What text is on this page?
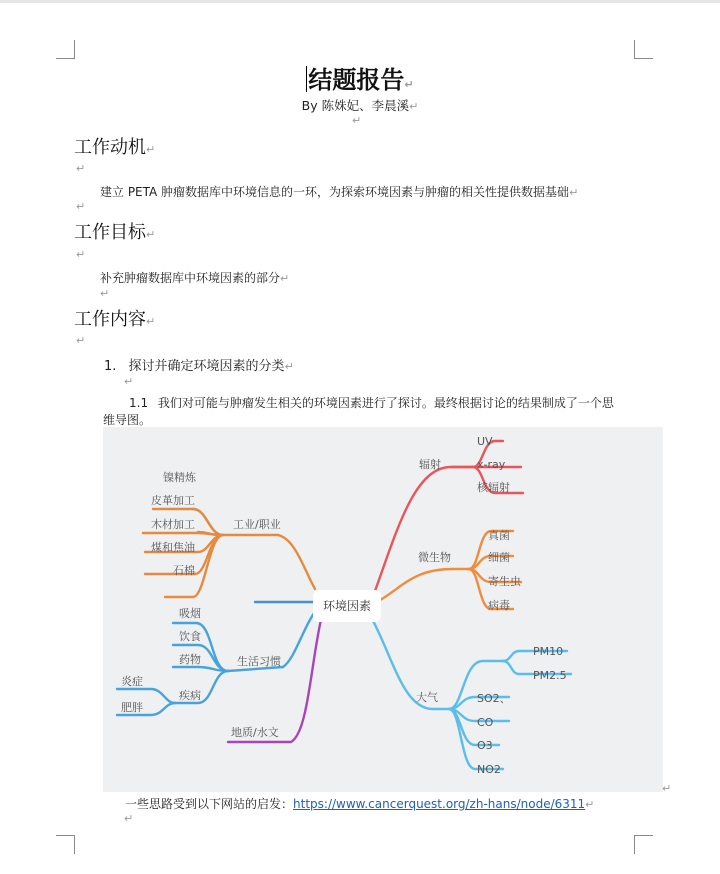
结题报告↵
By 陈姝妃、李晨溪↵
↵
工作动机↵
↵
建立 PETA 肿瘤数据库中环境信息的一环，为探索环境因素与肿瘤的相关性提供数据基础↵
↵
工作目标↵
↵
补充肿瘤数据库中环境因素的部分↵
↵
工作内容↵
↵
1. 探讨并确定环境因素的分类↵
↵
1.1 我们对可能与肿瘤发生相关的环境因素进行了探讨。最终根据讨论的结果制成了一个思
维导图。
环境因素
工业/职业
镍精炼
皮革加工
木材加工
煤和焦油
石棉
生活习惯
吸烟
饮食
药物
疾病
炎症
肥胖
地质/水文
辐射
UV
x-ray
核辐射
微生物
真菌
细菌
寄生虫
病毒
大气
PM10
PM2.5
SO2、
CO
O3
NO2
↵
一些思路受到以下网站的启发：https://www.cancerquest.org/zh-hans/node/6311↵
↵
